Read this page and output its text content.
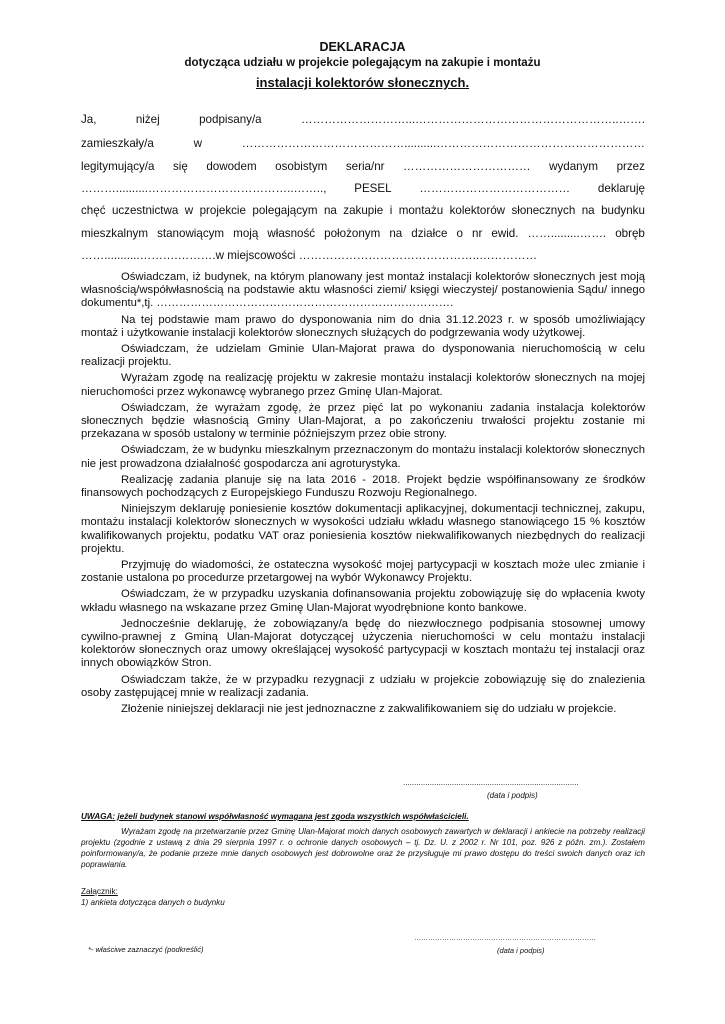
DEKLARACJA
dotycząca udziału w projekcie polegającym na zakupie i montażu
instalacji kolektorów słonecznych.
Ja,	niżej	podpisany/a	………………………...……………………………………………..…….
zamieszkały/a	w	……………………………………..........………………………………………………
legitymujący/a się dowodem osobistym seria/nr …………………………… wydanym przez
………..........………………………………..…….., PESEL ………………………………… deklaruję
chęć uczestnictwa w projekcie polegającym na zakupie i montażu kolektorów słonecznych na budynku
mieszkalnym stanowiącym moją własność położonym na działce o nr ewid. …….........……. obręb
……...........……….……….w miejscowości ………………………………………..……………

Oświadczam, iż budynek, na którym planowany jest montaż instalacji kolektorów słonecznych jest moją własnością/współwłasnością na podstawie aktu własności ziemi/ księgi wieczystej/ postanowienia Sądu/ innego dokumentu*,tj. …………………………………………………………………….

Na tej podstawie mam prawo do dysponowania nim do dnia 31.12.2023 r. w sposób umożliwiający montaż i użytkowanie instalacji kolektorów słonecznych służących do podgrzewania wody użytkowej.

Oświadczam, że udzielam Gminie Ulan-Majorat prawa do dysponowania nieruchomością w celu realizacji projektu.

Wyrażam zgodę na realizację projektu w zakresie montażu instalacji kolektorów słonecznych na mojej nieruchomości przez wykonawcę wybranego przez Gminę Ulan-Majorat.

Oświadczam, że wyrażam zgodę, że przez pięć lat po wykonaniu zadania instalacja kolektorów słonecznych będzie własnością Gminy Ulan-Majorat, a po zakończeniu trwałości projektu zostanie mi przekazana w sposób ustalony w terminie późniejszym przez obie strony.

Oświadczam, że w budynku mieszkalnym przeznaczonym do montażu instalacji kolektorów słonecznych nie jest prowadzona działalność gospodarcza ani agroturystyka.

Realizację zadania planuje się na lata 2016 - 2018. Projekt będzie współfinansowany ze środków finansowych pochodzących z Europejskiego Funduszu Rozwoju Regionalnego.

Niniejszym deklaruję poniesienie kosztów dokumentacji aplikacyjnej, dokumentacji technicznej, zakupu, montażu instalacji kolektorów słonecznych w wysokości udziału wkładu własnego stanowiącego 15 % kosztów kwalifikowanych projektu, podatku VAT oraz poniesienia kosztów niekwalifikowanych niezbędnych do realizacji projektu.

Przyjmuję do wiadomości, że ostateczna wysokość mojej partycypacji w kosztach może ulec zmianie i zostanie ustalona po procedurze przetargowej na wybór Wykonawcy Projektu.

Oświadczam, że w przypadku uzyskania dofinansowania projektu zobowiązuję się do wpłacenia kwoty wkładu własnego na wskazane przez Gminę Ulan-Majorat wyodrębnione konto bankowe.

Jednocześnie deklaruję, że zobowiązany/a będę do niezwłocznego podpisania stosownej umowy cywilno-prawnej z Gminą Ulan-Majorat dotyczącej użyczenia nieruchomości w celu montażu instalacji kolektorów słonecznych oraz umowy określającej wysokość partycypacji w kosztach montażu tej instalacji oraz innych obowiązków Stron.

Oświadczam także, że w przypadku rezygnacji z udziału w projekcie zobowiązuję się do znalezienia osoby zastępującej mnie w realizacji zadania.

Złożenie niniejszej deklaracji nie jest jednoznaczne z zakwalifikowaniem się do udziału w projekcie.

...............................................................................
(data i podpis)
UWAGA: jeżeli budynek stanowi współwłasność wymagana jest zgoda wszystkich współwłaścicieli.

Wyrażam zgodę na przetwarzanie przez Gminę Ulan-Majorat moich danych osobowych zawartych w deklaracji i ankiecie na potrzeby realizacji projektu (zgodnie z ustawą z dnia 29 sierpnia 1997 r. o ochronie danych osobowych – tj. Dz. U. z 2002 r. Nr 101, poz. 926 z późn. zm.). Zostałem poinformowany/a, że podanie przeze mnie danych osobowych jest dobrowolne oraz że przysługuje mi prawo dostępu do treści swoich danych oraz ich poprawiania.

Załącznik:
1) ankieta dotycząca danych o budynku
……………………………………………………………………
*- właściwe zaznaczyć (podkreślić)	(data i podpis)
